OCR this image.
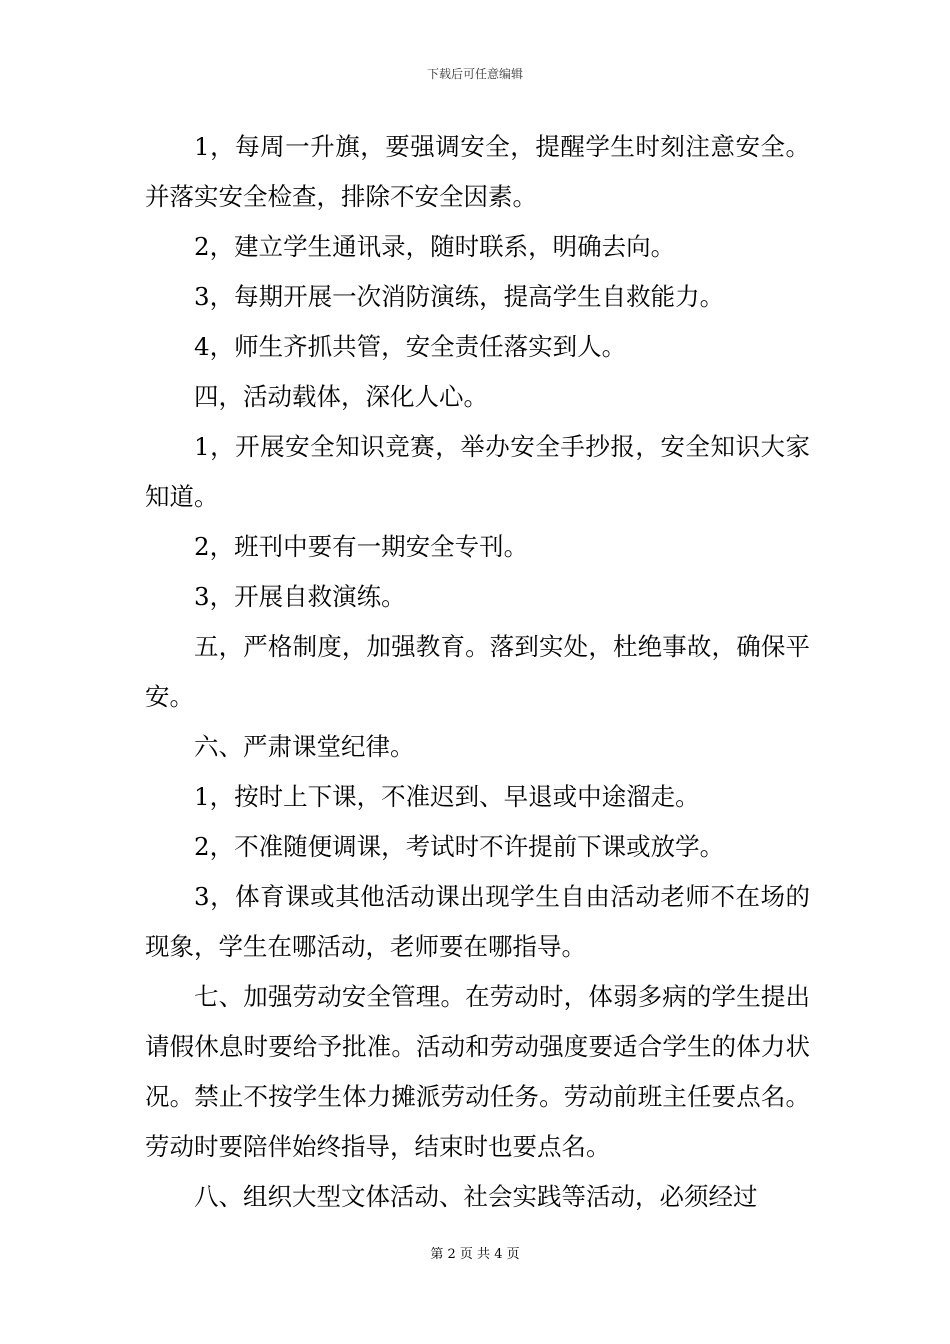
下载后可任意编辑

1，每周一升旗，要强调安全，提醒学生时刻注意安全。并落实安全检查，排除不安全因素。

2，建立学生通讯录，随时联系，明确去向。

3，每期开展一次消防演练，提高学生自救能力。

4，师生齐抓共管，安全责任落实到人。

四，活动载体，深化人心。

1，开展安全知识竞赛，举办安全手抄报，安全知识大家知道。

2，班刊中要有一期安全专刊。

3，开展自救演练。

五，严格制度，加强教育。落到实处，杜绝事故，确保平安。

六、严肃课堂纪律。

1，按时上下课，不准迟到、早退或中途溜走。

2，不准随便调课，考试时不许提前下课或放学。

3，体育课或其他活动课出现学生自由活动老师不在场的现象，学生在哪活动，老师要在哪指导。

七、加强劳动安全管理。在劳动时，体弱多病的学生提出请假休息时要给予批准。活动和劳动强度要适合学生的体力状况。禁止不按学生体力摊派劳动任务。劳动前班主任要点名。劳动时要陪伴始终指导，结束时也要点名。

八、组织大型文体活动、社会实践等活动，必须经过

第 2 页 共 4 页
